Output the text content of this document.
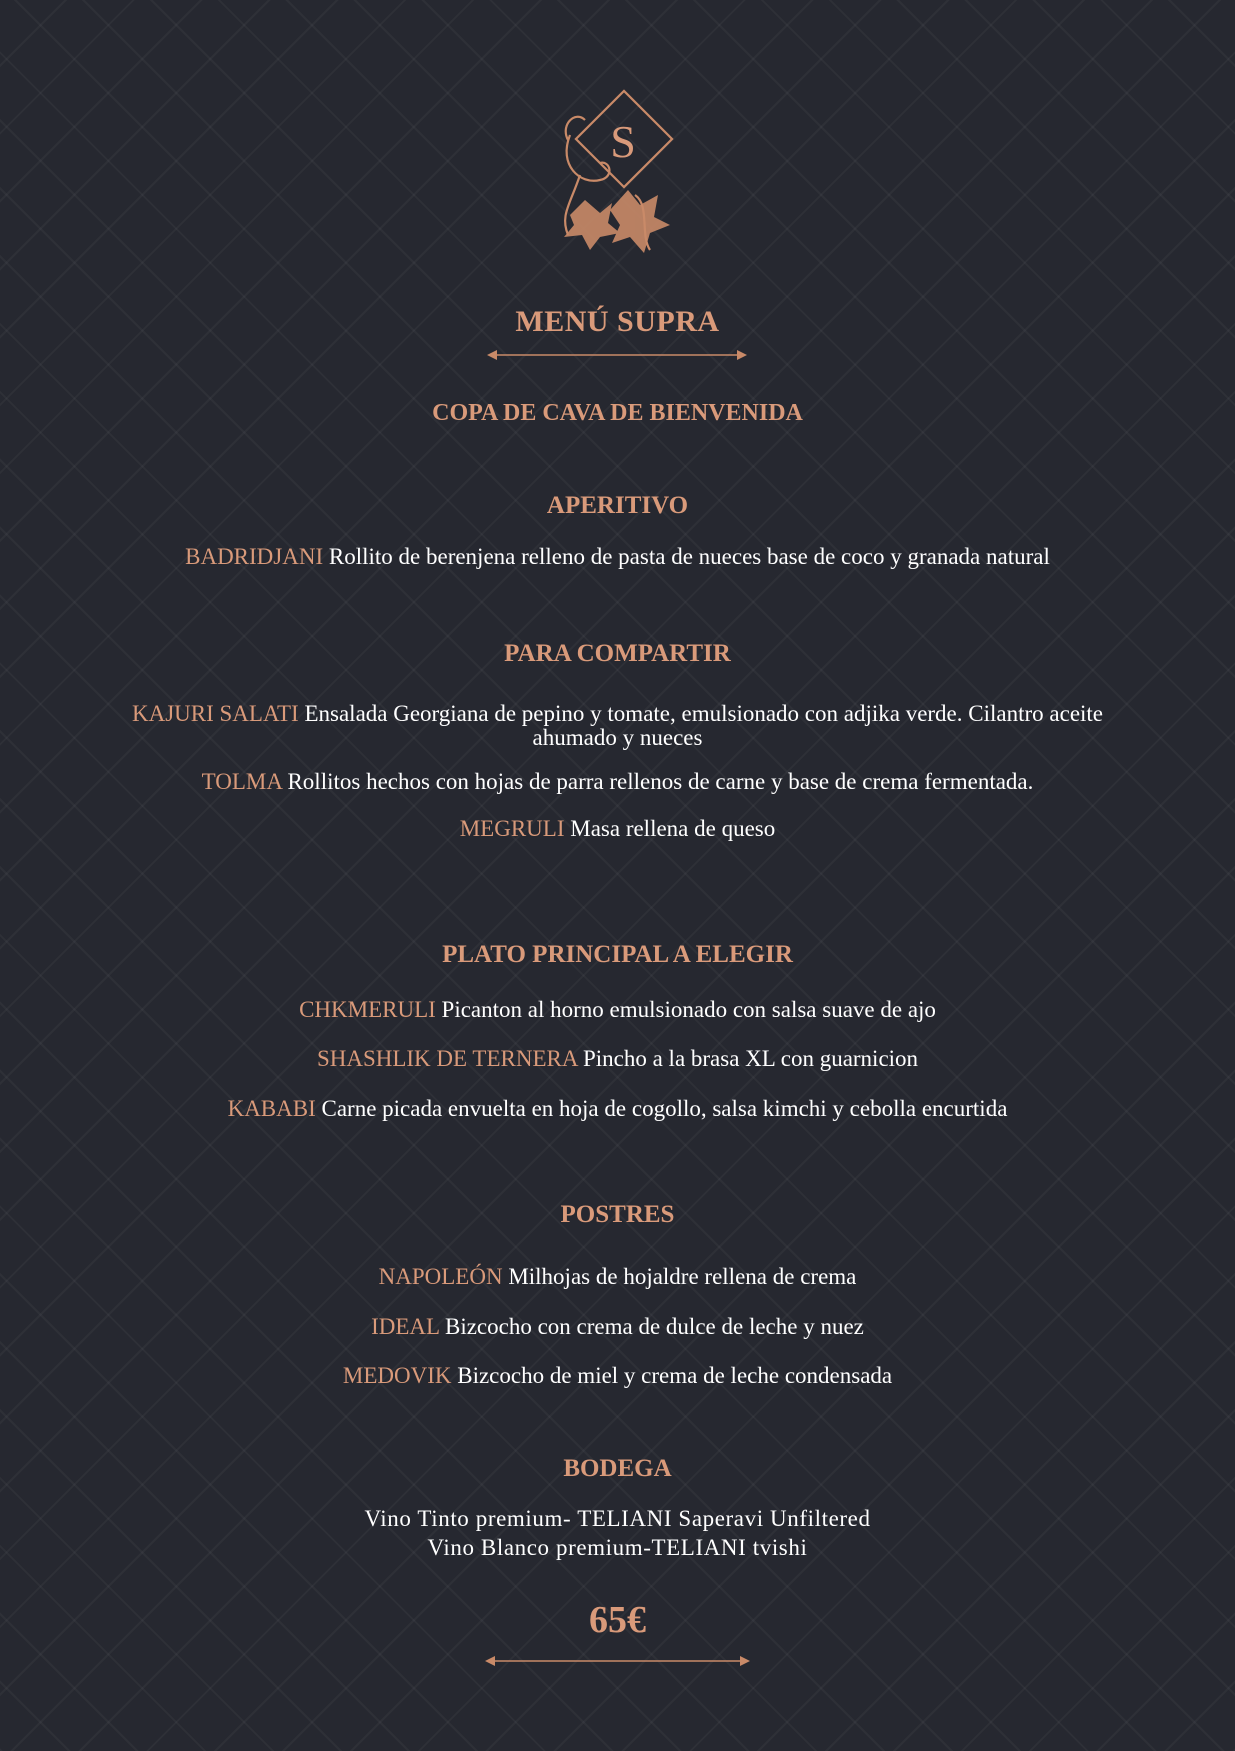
S
MENÚ SUPRA
COPA DE CAVA DE BIENVENIDA
APERITIVO
BADRIDJANI Rollito de berenjena relleno de pasta de nueces base de coco y granada natural
PARA COMPARTIR
KAJURI SALATI Ensalada Georgiana de pepino y tomate, emulsionado con adjika verde. Cilantro aceite
ahumado y nueces
TOLMA Rollitos hechos con hojas de parra rellenos de carne y base de crema fermentada.
MEGRULI Masa rellena de queso
PLATO PRINCIPAL A ELEGIR
CHKMERULI Picanton al horno emulsionado con salsa suave de ajo
SHASHLIK DE TERNERA Pincho a la brasa XL con guarnicion
KABABI Carne picada envuelta en hoja de cogollo, salsa kimchi y cebolla encurtida
POSTRES
NAPOLEÓN Milhojas de hojaldre rellena de crema
IDEAL Bizcocho con crema de dulce de leche y nuez
MEDOVIK Bizcocho de miel y crema de leche condensada
BODEGA
Vino Tinto premium- TELIANI Saperavi Unfiltered
Vino Blanco premium-TELIANI tvishi
65€
